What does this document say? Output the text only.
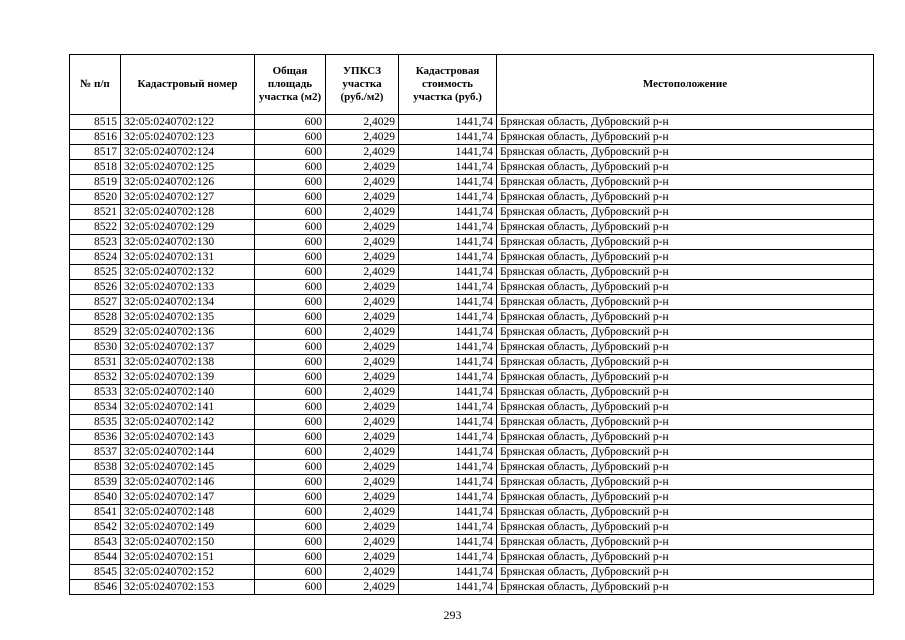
№ п/п	Кадастровый номер	Общая площадь участка (м2)	УПКСЗ участка (руб./м2)	Кадастровая стоимость участка (руб.)	Местоположение
8515	32:05:0240702:122	600	2,4029	1441,74	Брянская область, Дубровский р-н
8516	32:05:0240702:123	600	2,4029	1441,74	Брянская область, Дубровский р-н
8517	32:05:0240702:124	600	2,4029	1441,74	Брянская область, Дубровский р-н
8518	32:05:0240702:125	600	2,4029	1441,74	Брянская область, Дубровский р-н
8519	32:05:0240702:126	600	2,4029	1441,74	Брянская область, Дубровский р-н
8520	32:05:0240702:127	600	2,4029	1441,74	Брянская область, Дубровский р-н
8521	32:05:0240702:128	600	2,4029	1441,74	Брянская область, Дубровский р-н
8522	32:05:0240702:129	600	2,4029	1441,74	Брянская область, Дубровский р-н
8523	32:05:0240702:130	600	2,4029	1441,74	Брянская область, Дубровский р-н
8524	32:05:0240702:131	600	2,4029	1441,74	Брянская область, Дубровский р-н
8525	32:05:0240702:132	600	2,4029	1441,74	Брянская область, Дубровский р-н
8526	32:05:0240702:133	600	2,4029	1441,74	Брянская область, Дубровский р-н
8527	32:05:0240702:134	600	2,4029	1441,74	Брянская область, Дубровский р-н
8528	32:05:0240702:135	600	2,4029	1441,74	Брянская область, Дубровский р-н
8529	32:05:0240702:136	600	2,4029	1441,74	Брянская область, Дубровский р-н
8530	32:05:0240702:137	600	2,4029	1441,74	Брянская область, Дубровский р-н
8531	32:05:0240702:138	600	2,4029	1441,74	Брянская область, Дубровский р-н
8532	32:05:0240702:139	600	2,4029	1441,74	Брянская область, Дубровский р-н
8533	32:05:0240702:140	600	2,4029	1441,74	Брянская область, Дубровский р-н
8534	32:05:0240702:141	600	2,4029	1441,74	Брянская область, Дубровский р-н
8535	32:05:0240702:142	600	2,4029	1441,74	Брянская область, Дубровский р-н
8536	32:05:0240702:143	600	2,4029	1441,74	Брянская область, Дубровский р-н
8537	32:05:0240702:144	600	2,4029	1441,74	Брянская область, Дубровский р-н
8538	32:05:0240702:145	600	2,4029	1441,74	Брянская область, Дубровский р-н
8539	32:05:0240702:146	600	2,4029	1441,74	Брянская область, Дубровский р-н
8540	32:05:0240702:147	600	2,4029	1441,74	Брянская область, Дубровский р-н
8541	32:05:0240702:148	600	2,4029	1441,74	Брянская область, Дубровский р-н
8542	32:05:0240702:149	600	2,4029	1441,74	Брянская область, Дубровский р-н
8543	32:05:0240702:150	600	2,4029	1441,74	Брянская область, Дубровский р-н
8544	32:05:0240702:151	600	2,4029	1441,74	Брянская область, Дубровский р-н
8545	32:05:0240702:152	600	2,4029	1441,74	Брянская область, Дубровский р-н
8546	32:05:0240702:153	600	2,4029	1441,74	Брянская область, Дубровский р-н
293
